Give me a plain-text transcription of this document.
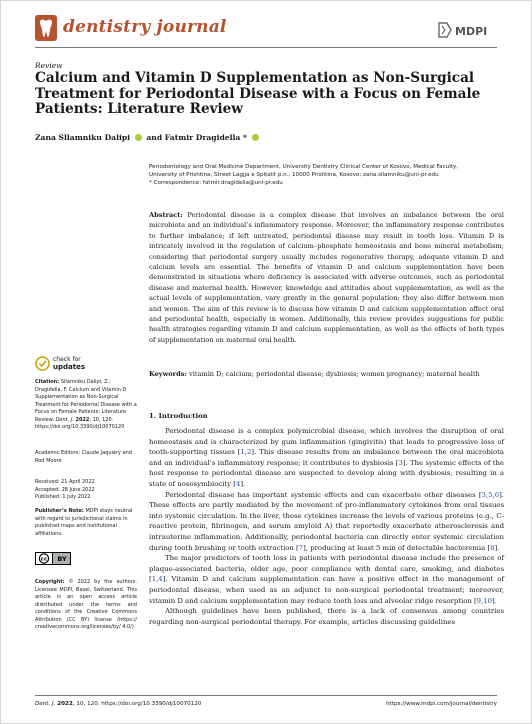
dentistry journal	MDPI
Review
Calcium and Vitamin D Supplementation as Non-Surgical Treatment for Periodontal Disease with a Focus on Female Patients: Literature Review
Zana Sllamniku Dalipi and Fatmir Dragidella *
Periodontology and Oral Medicine Department, University Dentistry Clinical Center of Kosovo, Medical Faculty,
University of Prishtina, Street Lagjja e Spitalit p.n., 10000 Prishtina, Kosovo; zana.sllamniku@uni-pr.edu
* Correspondence: fatmir.dragidella@uni-pr.edu
Abstract: Periodontal disease is a complex disease that involves an imbalance between the oral microbiota and an individual’s inflammatory response. Moreover, the inflammatory response contributes to further imbalance; if left untreated, periodontal disease may result in tooth loss. Vitamin D is intricately involved in the regulation of calcium–phosphate homeostasis and bone mineral metabolism; considering that periodontal surgery usually includes regenerative therapy, adequate vitamin D and calcium levels are essential. The benefits of vitamin D and calcium supplementation have been demonstrated in situations where deficiency is associated with adverse outcomes, such as periodontal disease and maternal health. However, knowledge and attitudes about supplementation, as well as the actual levels of supplementation, vary greatly in the general population; they also differ between men and women. The aim of this review is to discuss how vitamin D and calcium supplementation affect oral and periodontal health, especially in women. Additionally, this review provides suggestions for public health strategies regarding vitamin D and calcium supplementation, as well as the effects of both types of supplementation on maternal oral health.
Keywords: vitamin D; calcium; periodontal disease; dysbiosis; women pregnancy; maternal health
check for
updates
Citation: Sllamniku Dalipi, Z.; Dragidella, F. Calcium and Vitamin D Supplementation as Non-Surgical Treatment for Periodontal Disease with a Focus on Female Patients: Literature Review. Dent. J. 2022, 10, 120. https://doi.org/10.3390/dj10070120
Academic Editors: Claude Jaquiéry and Rod Moore
Received: 21 April 2022
Accepted: 28 June 2022
Published: 1 July 2022
Publisher’s Note: MDPI stays neutral with regard to jurisdictional claims in published maps and institutional affiliations.
cc BY
Copyright: © 2022 by the authors. Licensee MDPI, Basel, Switzerland. This article is an open access article distributed under the terms and conditions of the Creative Commons Attribution (CC BY) license (https:// creativecommons.org/licenses/by/ 4.0/).
1. Introduction

Periodontal disease is a complex polymicrobial disease, which involves the disruption of oral homeostasis and is characterized by gum inflammation (gingivitis) that leads to progressive loss of tooth-supporting tissues [1,2]. This disease results from an imbalance between the oral microbiota and an individual’s inflammatory response; it contributes to dysbiosis [3]. The systemic effects of the host response to periodontal disease are suspected to develop along with dysbiosis, resulting in a state of nososymbiocity [4].

Periodontal disease has important systemic effects and can exacerbate other diseases [3,5,6]. These effects are partly mediated by the movement of pro-inflammatory cytokines from oral tissues into systemic circulation. In the liver, these cytokines increase the levels of various proteins (e.g., C-reactive protein, fibrinogen, and serum amyloid A) that reportedly exacerbate atherosclerosis and intrauterine inflammation. Additionally, periodontal bacteria can directly enter systemic circulation during tooth brushing or tooth extraction [7], producing at least 5 min of detectable bacteremia [8].

The major predictors of tooth loss in patients with periodontal disease include the presence of plaque-associated bacteria, older age, poor compliance with dental care, smoking, and diabetes [1,4]. Vitamin D and calcium supplementation can have a positive effect in the management of periodontal disease, when used as an adjunct to non-surgical periodontal treatment; moreover, vitamin D and calcium supplementation may reduce tooth loss and alveolar ridge resorption [9,10].

Although guidelines have been published, there is a lack of consensus among countries regarding non-surgical periodontal therapy. For example, articles discussing guidelines

Dent. J. 2022, 10, 120. https://doi.org/10.3390/dj10070120	https://www.mdpi.com/journal/dentistry
